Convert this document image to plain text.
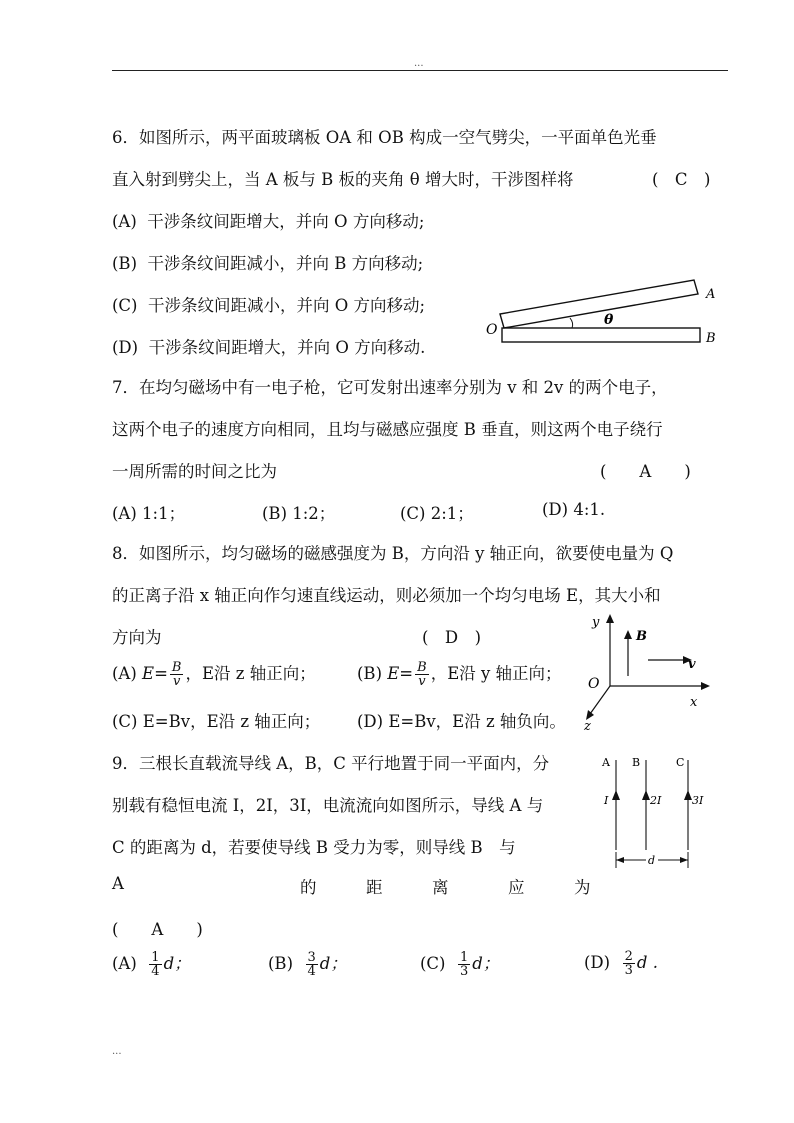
...
6．如图所示，两平面玻璃板 OA 和 OB 构成一空气劈尖，一平面单色光垂
直入射到劈尖上，当 A 板与 B 板的夹角 θ 增大时，干涉图样将	(　C　)
(A) 干涉条纹间距增大，并向 O 方向移动;
(B) 干涉条纹间距减小，并向 B 方向移动;
(C) 干涉条纹间距减小，并向 O 方向移动;
(D) 干涉条纹间距增大，并向 O 方向移动.
O
A
B
θ
7．在均匀磁场中有一电子枪，它可发射出速率分别为 v 和 2v 的两个电子，
这两个电子的速度方向相同，且均与磁感应强度 B 垂直，则这两个电子绕行
一周所需的时间之比为	(　　A　　)
(A) 1:1；	(B) 1:2；	(C) 2:1；	(D) 4:1.
8．如图所示，均匀磁场的磁感强度为 B，方向沿 y 轴正向，欲要使电量为 Q
的正离子沿 x 轴正向作匀速直线运动，则必须加一个均匀电场 E，其大小和
方向为	(　D　)
(A) $E= \frac{B}{v}$ ，E沿 z 轴正向；	(B) $E= \frac{B}{v}$ ，E沿 y 轴正向；
(C) E=Bv，E沿 z 轴正向； (D) E=Bv，E沿 z 轴负向。
y
x
z
O
B
v
9．三根长直载流导线 A，B，C 平行地置于同一平面内，分
别载有稳恒电流 I，2I，3I，电流流向如图所示，导线 A 与
C 的距离为 d，若要使导线 B 受力为零，则导线 B　与
A	的	距	离	应	为
(　　A　　)
$(A) \frac{1}{4}$ d；	$(B) \frac{3}{4}$ d；	$(C) \frac{1}{3}$ d；	$(D) \frac{2}{3}$ d .
A B	C
I	2I	3I
d
...
